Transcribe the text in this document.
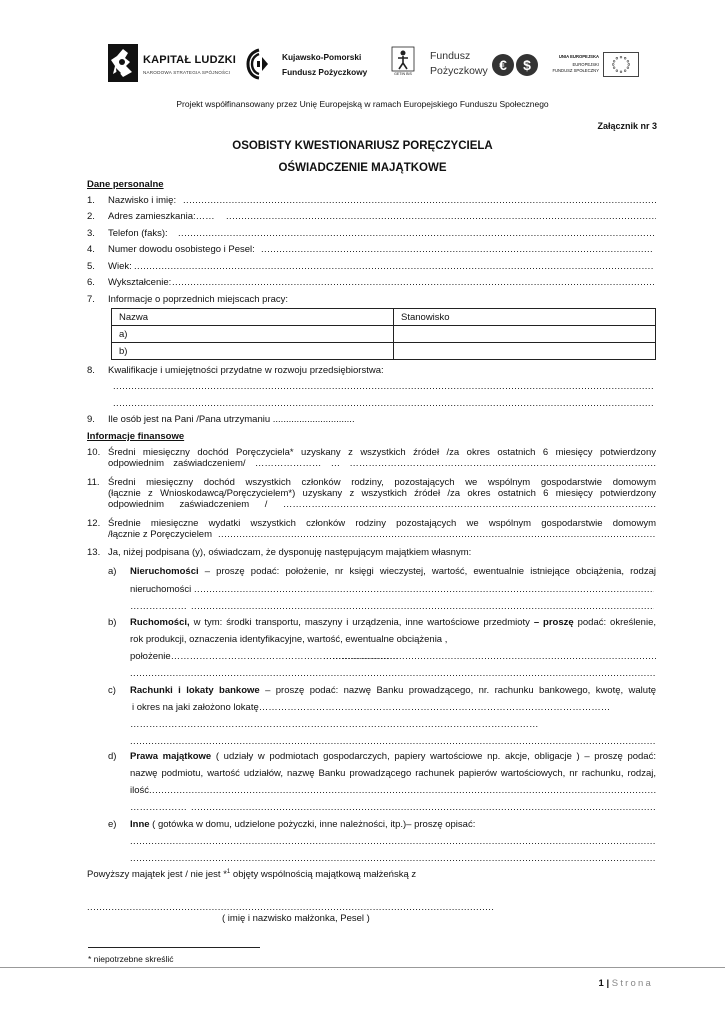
KAPITAŁ LUDZKI
NARODOWA STRATEGIA SPÓJNOŚCI
Kujawsko-Pomorski
Fundusz Pożyczkowy	GETIN BIS
Fundusz
Pożyczkowy €	$
UNIA EUROPEJSKA
EUROPEJSKI
FUNDUSZ SPOŁECZNY
Projekt współfinansowany przez Unię Europejską w ramach Europejskiego Funduszu Społecznego
Załącznik nr 3
OSOBISTY KWESTIONARIUSZ PORĘCZYCIELA
OŚWIADCZENIE MAJĄTKOWE
Dane personalne
1. Nazwisko i imię:
.....
2. Adres zamieszkania:……
.....
3. Telefon (faks):
.....
4. Numer dowodu osobistego i Pesel:
.....
5. Wiek:
.....
6. Wykształcenie:
.....
7. Informacje o poprzednich miejscach pracy:
Nazwa	Stanowisko
a)	
b)	
8. Kwalifikacje i umiejętności przydatne w rozwoju przedsiębiorstwa:
.....
.....
9. Ile osób jest na Pani /Pana utrzymaniu ...............................
Informacje finansowe
10. Średni miesięczny dochód Poręczyciela* uzyskany z wszystkich źródeł /za okres ostatnich 6 miesięcy potwierdzony
odpowiednim zaświadczeniem/ ………………… … …………………………………………………………………………………….
11. Średni miesięczny dochód wszystkich członków rodziny, pozostających we wspólnym gospodarstwie domowym
(łącznie z Wnioskodawcą/Poręczycielem*) uzyskany z wszystkich źródeł /za okres ostatnich 6 miesięcy potwierdzony
odpowiednim zaświadczeniem / ……………………………………………………………………………………………………….
12. Średnie miesięczne wydatki wszystkich członków rodziny pozostających we wspólnym gospodarstwie domowym
/łącznie z Poręczycielem
.....
13. Ja, niżej podpisana (y), oświadczam, że dysponuję następującym majątkiem własnym:
a) Nieruchomości – proszę podać: położenie, nr księgi wieczystej, wartość, ewentualnie istniejące obciążenia, rodzaj
nieruchomości
.....
………………
.....
b) Ruchomości, w tym: środki transportu, maszyny i urządzenia, inne wartościowe przedmioty – proszę podać: określenie,
rok produkcji, oznaczenia identyfikacyjne, wartość, ewentualne obciążenia ,
położenie………………………………………………………………
.....
.....
c) Rachunki i lokaty bankowe – proszę podać: nazwę Banku prowadzącego, nr. rachunku bankowego, kwotę, walutę
i okres na jaki założono lokatę…………………………………………………………………………………………………
…………………………………………………………………………………………………………………
.....
d) Prawa majątkowe ( udziały w podmiotach gospodarczych, papiery wartościowe np. akcje, obligacje ) – proszę podać:
nazwę podmiotu, wartość udziałów, nazwę Banku prowadzącego rachunek papierów wartościowych, nr rachunku, rodzaj,
ilość
.....
………………
.....
e) Inne ( gotówka w domu, udzielone pożyczki, inne należności, itp.)– proszę opisać:
.....
.....
Powyższy majątek jest / nie jest *$^1$ objęty wspólnością majątkową małżeńską z
.....
( imię i nazwisko małżonka, Pesel )
* niepotrzebne skreślić
1 | Strona
